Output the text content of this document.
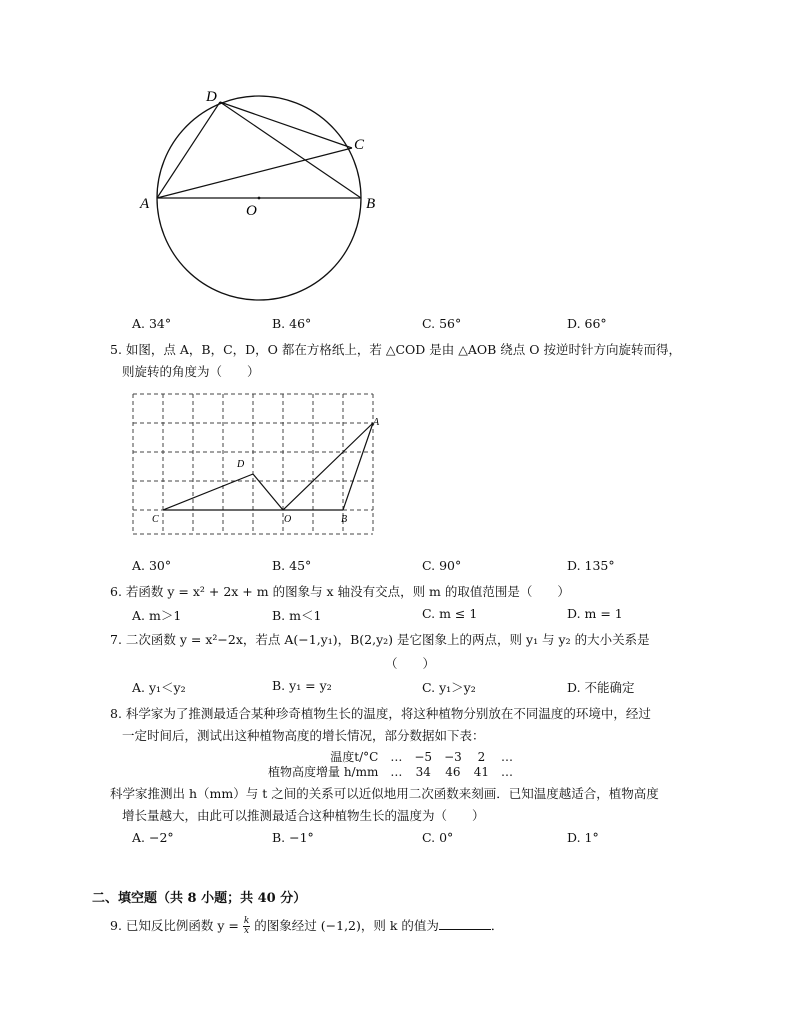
D
C
A	O	B
A. 34°	B. 46°	C. 56°	D. 66°
5. 如图，点 A，B，C，D，O 都在方格纸上，若 △COD 是由 △AOB 绕点 O 按逆时针方向旋转而得，
则旋转的角度为（　　）
A
D
C	O	B
A. 30°	B. 45°	C. 90°	D. 135°
6. 若函数 y = x² + 2x + m 的图象与 x 轴没有交点，则 m 的取值范围是（　　）
A. m＞1	B. m＜1	C. m ≤ 1	D. m = 1
7. 二次函数 y = x²−2x，若点 A(−1,y₁)，B(2,y₂) 是它图象上的两点，则 y₁ 与 y₂ 的大小关系是
（　　）
A. y₁＜y₂	B. y₁ = y₂	C. y₁＞y₂	D. 不能确定
8. 科学家为了推测最适合某种珍奇植物生长的温度，将这种植物分别放在不同温度的环境中，经过
一定时间后，测试出这种植物高度的增长情况，部分数据如下表：
温度t/°C	…	−5	−3	2	…
植物高度增量 h/mm	…	34	46	41	…
科学家推测出 h（mm）与 t 之间的关系可以近似地用二次函数来刻画．已知温度越适合，植物高度
增长量越大，由此可以推测最适合这种植物生长的温度为（　　）
A. −2°	B. −1°	C. 0°	D. 1°
二、填空题（共 8 小题；共 40 分）
9. 已知反比例函数 $y = \frac{k}{x}$ 的图象经过 (−1,2)，则 k 的值为	．
